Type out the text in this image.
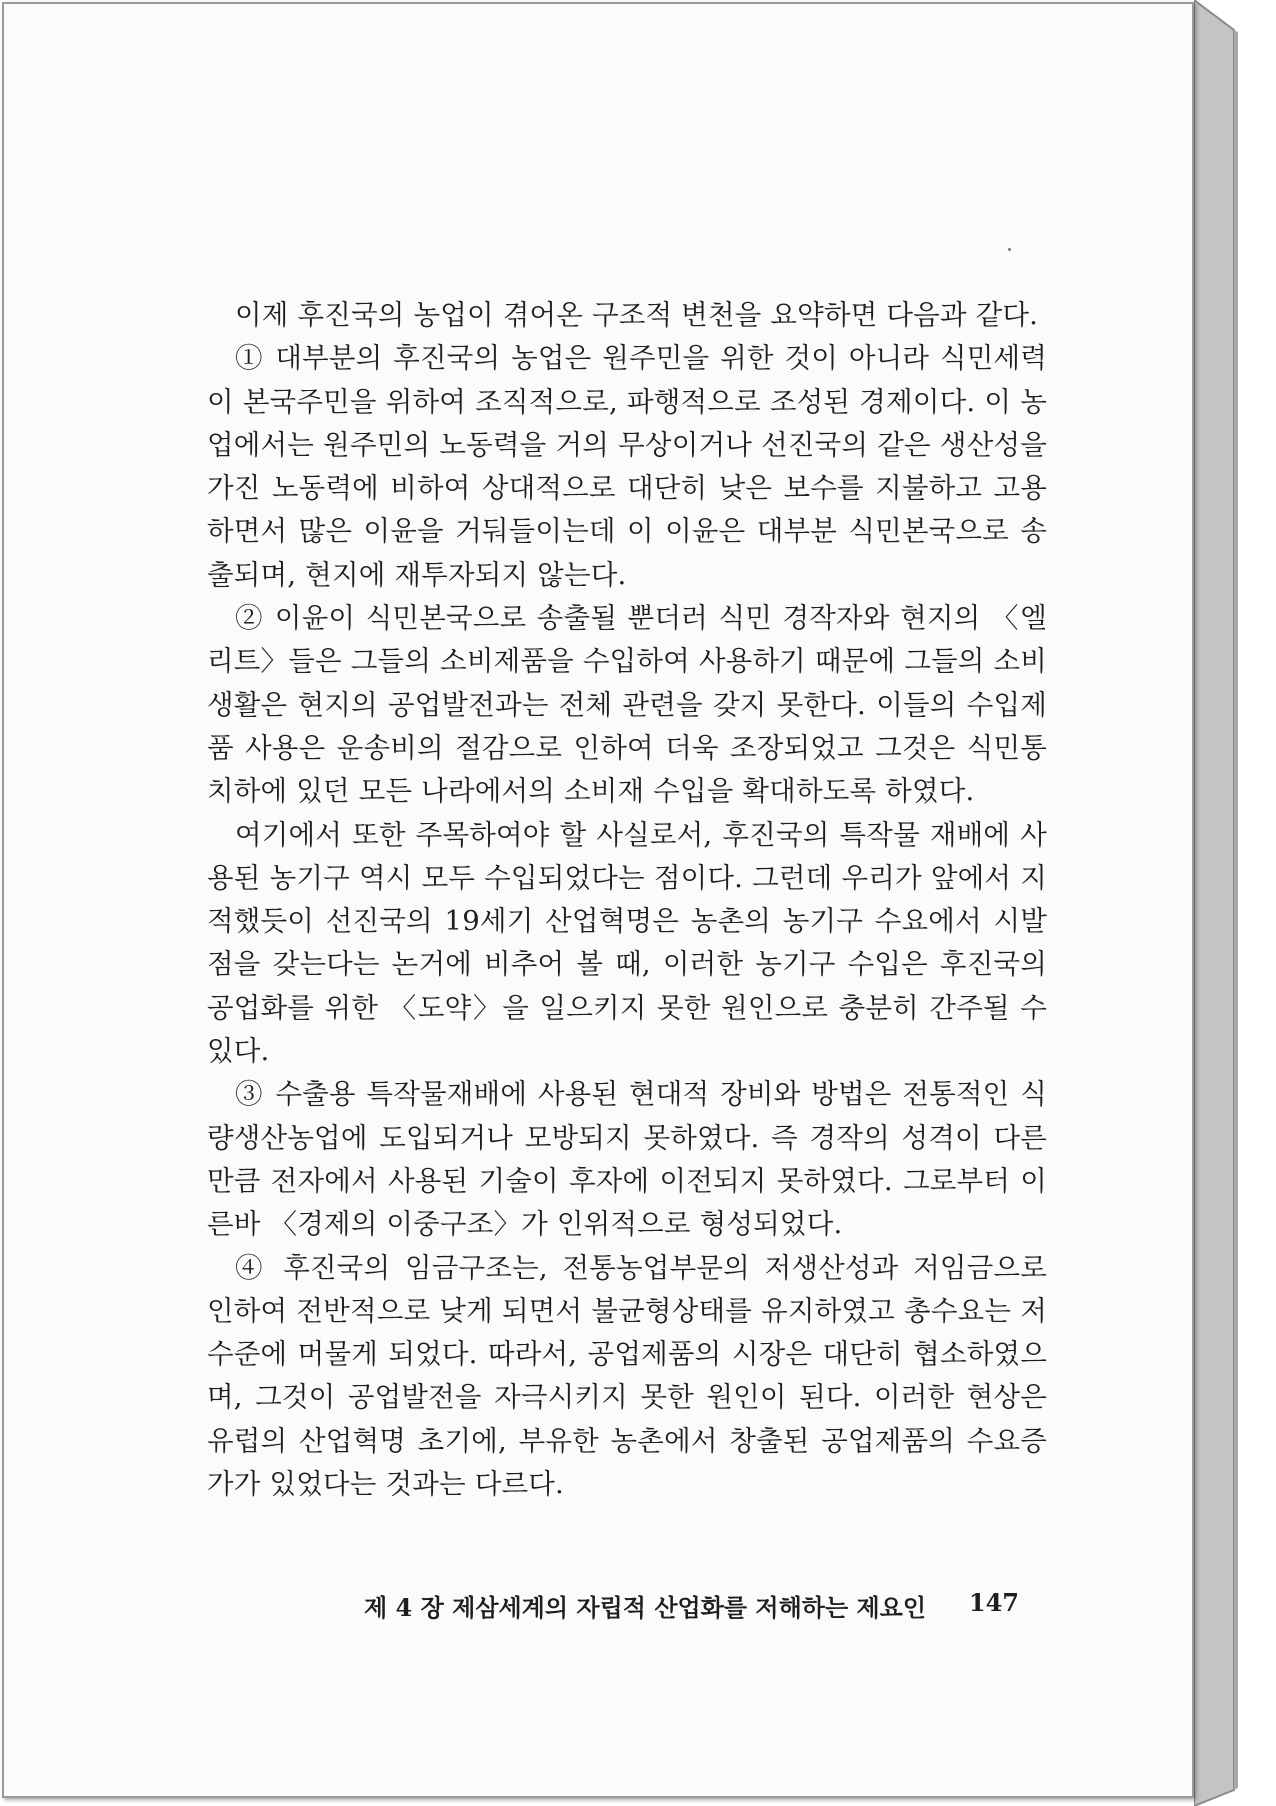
이제 후진국의 농업이 겪어온 구조적 변천을 요약하면 다음과 같다.

① 대부분의 후진국의 농업은 원주민을 위한 것이 아니라 식민세력이 본국주민을 위하여 조직적으로, 파행적으로 조성된 경제이다. 이 농업에서는 원주민의 노동력을 거의 무상이거나 선진국의 같은 생산성을 가진 노동력에 비하여 상대적으로 대단히 낮은 보수를 지불하고 고용하면서 많은 이윤을 거둬들이는데 이 이윤은 대부분 식민본국으로 송출되며, 현지에 재투자되지 않는다.

② 이윤이 식민본국으로 송출될 뿐더러 식민 경작자와 현지의 〈엘리트〉들은 그들의 소비제품을 수입하여 사용하기 때문에 그들의 소비생활은 현지의 공업발전과는 전체 관련을 갖지 못한다. 이들의 수입제품 사용은 운송비의 절감으로 인하여 더욱 조장되었고 그것은 식민통치하에 있던 모든 나라에서의 소비재 수입을 확대하도록 하였다.

여기에서 또한 주목하여야 할 사실로서, 후진국의 특작물 재배에 사용된 농기구 역시 모두 수입되었다는 점이다. 그런데 우리가 앞에서 지적했듯이 선진국의 19세기 산업혁명은 농촌의 농기구 수요에서 시발점을 갖는다는 논거에 비추어 볼 때, 이러한 농기구 수입은 후진국의 공업화를 위한 〈도약〉을 일으키지 못한 원인으로 충분히 간주될 수 있다.

③ 수출용 특작물재배에 사용된 현대적 장비와 방법은 전통적인 식량생산농업에 도입되거나 모방되지 못하였다. 즉 경작의 성격이 다른 만큼 전자에서 사용된 기술이 후자에 이전되지 못하였다. 그로부터 이른바 〈경제의 이중구조〉가 인위적으로 형성되었다.

④ 후진국의 임금구조는, 전통농업부문의 저생산성과 저임금으로 인하여 전반적으로 낮게 되면서 불균형상태를 유지하였고 총수요는 저수준에 머물게 되었다. 따라서, 공업제품의 시장은 대단히 협소하였으며, 그것이 공업발전을 자극시키지 못한 원인이 된다. 이러한 현상은 유럽의 산업혁명 초기에, 부유한 농촌에서 창출된 공업제품의 수요증가가 있었다는 것과는 다르다.

제 4 장 제삼세계의 자립적 산업화를 저해하는 제요인 147
